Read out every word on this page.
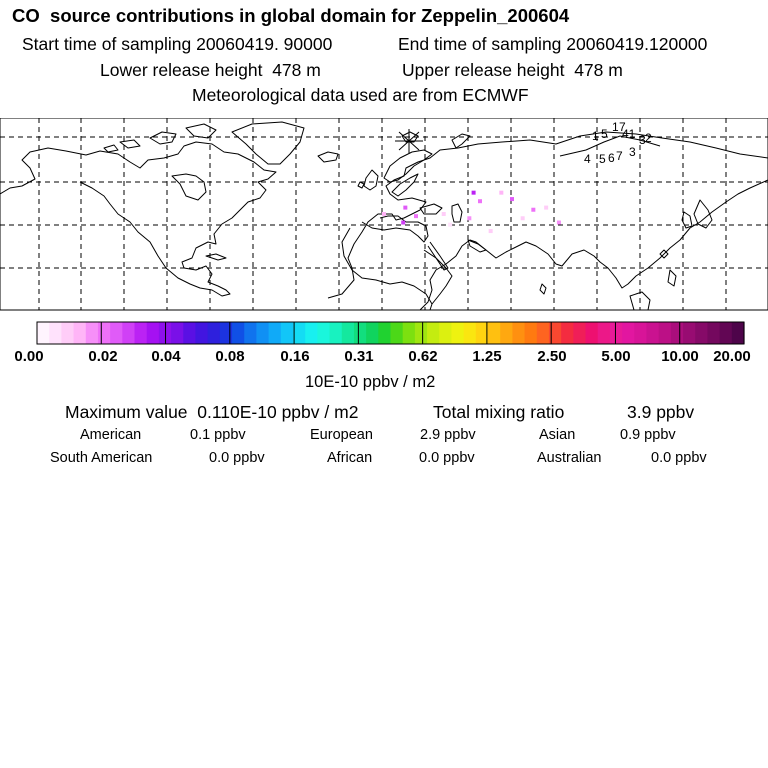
CO  source contributions in global domain for Zeppelin_200604
Start time of sampling 20060419. 90000	End time of sampling 20060419.120000
Lower release height  478 m	Upper release height  478 m
Meteorological data used are from ECMWF
1 7
1 5 41 3 2
4 5 6 7 3
0.00	0.02 0.04 0.08 0.16 0.31 0.62 1.25 2.50 5.00 10.00 20.00
10E-10 ppbv / m2
Maximum value  0.110E-10 ppbv / m2	Total mixing ratio	3.9 ppbv
American	0.1 ppbv	European	2.9 ppbv	Asian	0.9 ppbv
South American	0.0 ppbv	African	0.0 ppbv	Australian	0.0 ppbv
